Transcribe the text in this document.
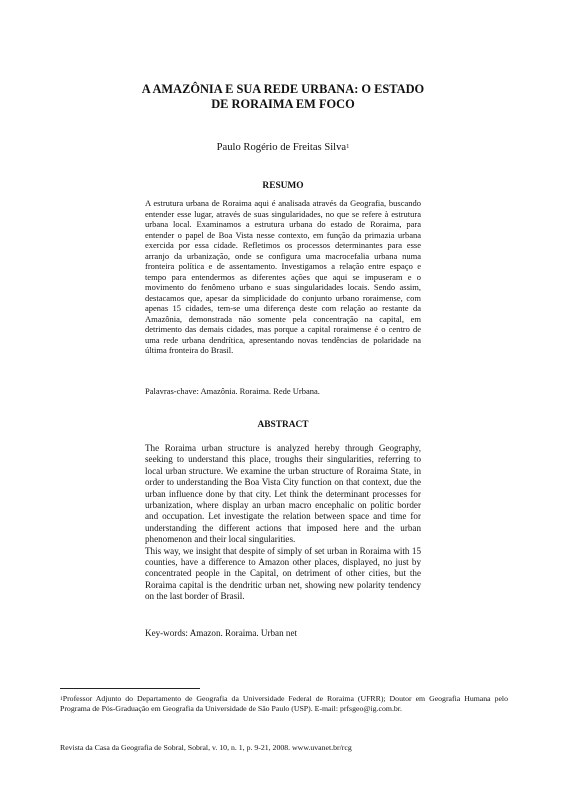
A AMAZÔNIA E SUA REDE URBANA: O ESTADO
DE RORAIMA EM FOCO
Paulo Rogério de Freitas Silva$^1$
RESUMO

A estrutura urbana de Roraima aqui é analisada através da Geografia, buscando entender esse lugar, através de suas singularidades, no que se refere à estrutura urbana local. Examinamos a estrutura urbana do estado de Roraima, para entender o papel de Boa Vista nesse contexto, em função da primazia urbana exercida por essa cidade. Refletimos os processos determinantes para esse arranjo da urbanização, onde se configura uma macrocefalia urbana numa fronteira política e de assentamento. Investigamos a relação entre espaço e tempo para entendermos as diferentes ações que aqui se impuseram e o movimento do fenômeno urbano e suas singularidades locais. Sendo assim, destacamos que, apesar da simplicidade do conjunto urbano roraimense, com apenas 15 cidades, tem-se uma diferença deste com relação ao restante da Amazônia, demonstrada não somente pela concentração na capital, em detrimento das demais cidades, mas porque a capital roraimense é o centro de uma rede urbana dendrítica, apresentando novas tendências de polaridade na última fronteira do Brasil.

Palavras-chave: Amazônia. Roraima. Rede Urbana.
ABSTRACT

The Roraima urban structure is analyzed hereby through Geography, seeking to understand this place, troughs their singularities, referring to local urban structure. We examine the urban structure of Roraima State, in order to understanding the Boa Vista City function on that context, due the urban influence done by that city. Let think the determinant processes for urbanization, where display an urban macro encephalic on politic border and occupation. Let investigate the relation between space and time for understanding the different actions that imposed here and the urban phenomenon and their local singularities.

This way, we insight that despite of simply of set urban in Roraima with 15 counties, have a difference to Amazon other places, displayed, no just by concentrated people in the Capital, on detriment of other cities, but the Roraima capital is the dendritic urban net, showing new polarity tendency on the last border of Brasil.

Key-words: Amazon. Roraima. Urban net
$^1$Professor Adjunto do Departamento de Geografia da Universidade Federal de Roraima (UFRR); Doutor em Geografia Humana pelo Programa de Pós-Graduação em Geografia da Universidade de São Paulo (USP). E-mail: prfsgeo@ig.com.br.
Revista da Casa da Geografia de Sobral, Sobral, v. 10, n. 1, p. 9-21, 2008. www.uvanet.br/rcg
